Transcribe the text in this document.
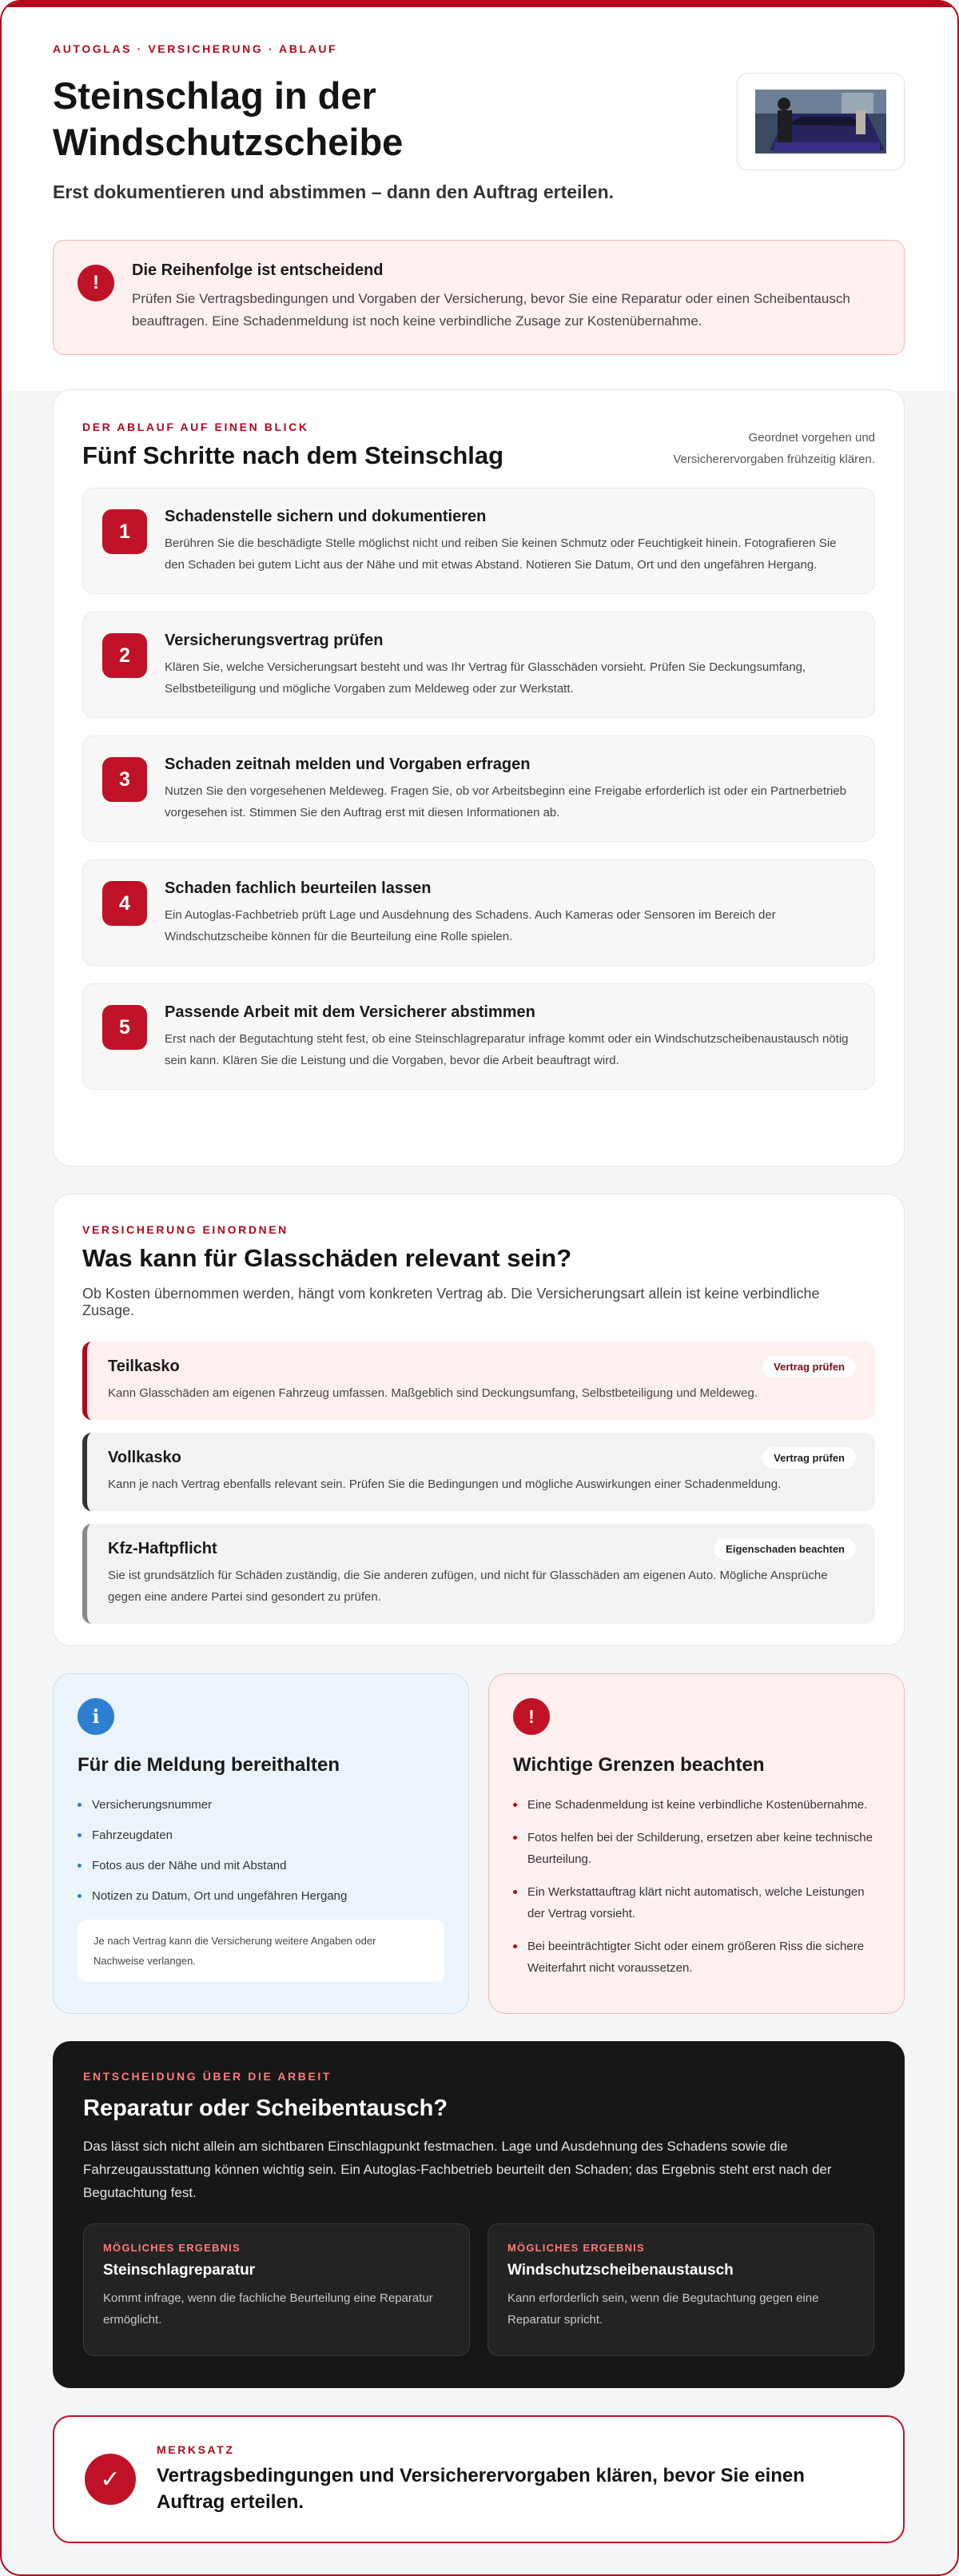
AUTOGLAS · VERSICHERUNG · ABLAUF
Steinschlag in der Windschutzscheibe
Erst dokumentieren und abstimmen – dann den Auftrag erteilen.
!
Die Reihenfolge ist entscheidend
Prüfen Sie Vertragsbedingungen und Vorgaben der Versicherung, bevor Sie eine Reparatur oder einen Scheibentausch beauftragen. Eine Schadenmeldung ist noch keine verbindliche Zusage zur Kostenübernahme.
DER ABLAUF AUF EINEN BLICK
Fünf Schritte nach dem Steinschlag
Geordnet vorgehen und
Versicherervorgaben frühzeitig klären.
1
Schadenstelle sichern und dokumentieren
Berühren Sie die beschädigte Stelle möglichst nicht und reiben Sie keinen Schmutz oder Feuchtigkeit hinein. Fotografieren Sie den Schaden bei gutem Licht aus der Nähe und mit etwas Abstand. Notieren Sie Datum, Ort und den ungefähren Hergang.
2
Versicherungsvertrag prüfen
Klären Sie, welche Versicherungsart besteht und was Ihr Vertrag für Glasschäden vorsieht. Prüfen Sie Deckungsumfang, Selbstbeteiligung und mögliche Vorgaben zum Meldeweg oder zur Werkstatt.
3
Schaden zeitnah melden und Vorgaben erfragen
Nutzen Sie den vorgesehenen Meldeweg. Fragen Sie, ob vor Arbeitsbeginn eine Freigabe erforderlich ist oder ein Partnerbetrieb vorgesehen ist. Stimmen Sie den Auftrag erst mit diesen Informationen ab.
4
Schaden fachlich beurteilen lassen
Ein Autoglas-Fachbetrieb prüft Lage und Ausdehnung des Schadens. Auch Kameras oder Sensoren im Bereich der Windschutzscheibe können für die Beurteilung eine Rolle spielen.
5
Passende Arbeit mit dem Versicherer abstimmen
Erst nach der Begutachtung steht fest, ob eine Steinschlagreparatur infrage kommt oder ein Windschutzscheibenaustausch nötig sein kann. Klären Sie die Leistung und die Vorgaben, bevor die Arbeit beauftragt wird.
VERSICHERUNG EINORDNEN
Was kann für Glasschäden relevant sein?

Ob Kosten übernommen werden, hängt vom konkreten Vertrag ab. Die Versicherungsart allein ist keine verbindliche Zusage.

Teilkasko	Vertrag prüfen
Kann Glasschäden am eigenen Fahrzeug umfassen. Maßgeblich sind Deckungsumfang, Selbstbeteiligung und Meldeweg.
Vollkasko	Vertrag prüfen
Kann je nach Vertrag ebenfalls relevant sein. Prüfen Sie die Bedingungen und mögliche Auswirkungen einer Schadenmeldung.
Kfz-Haftpflicht	Eigenschaden beachten
Sie ist grundsätzlich für Schäden zuständig, die Sie anderen zufügen, und nicht für Glasschäden am eigenen Auto. Mögliche Ansprüche gegen eine andere Partei sind gesondert zu prüfen.
i
Für die Meldung bereithalten
Versicherungsnummer
Fahrzeugdaten
Fotos aus der Nähe und mit Abstand
Notizen zu Datum, Ort und ungefähren Hergang
Je nach Vertrag kann die Versicherung weitere Angaben oder Nachweise verlangen.
!
Wichtige Grenzen beachten
Eine Schadenmeldung ist keine verbindliche Kostenübernahme.
Fotos helfen bei der Schilderung, ersetzen aber keine technische Beurteilung.
Ein Werkstattauftrag klärt nicht automatisch, welche Leistungen der Vertrag vorsieht.
Bei beeinträchtigter Sicht oder einem größeren Riss die sichere Weiterfahrt nicht voraussetzen.
ENTSCHEIDUNG ÜBER DIE ARBEIT
Reparatur oder Scheibentausch?

Das lässt sich nicht allein am sichtbaren Einschlagpunkt festmachen. Lage und Ausdehnung des Schadens sowie die Fahrzeugausstattung können wichtig sein. Ein Autoglas-Fachbetrieb beurteilt den Schaden; das Ergebnis steht erst nach der Begutachtung fest.

MÖGLICHES ERGEBNIS
Steinschlagreparatur
Kommt infrage, wenn die fachliche Beurteilung eine Reparatur ermöglicht.
MÖGLICHES ERGEBNIS
Windschutzscheibenaustausch
Kann erforderlich sein, wenn die Begutachtung gegen eine Reparatur spricht.
✓
MERKSATZ
Vertragsbedingungen und Versicherervorgaben klären, bevor Sie einen Auftrag erteilen.
